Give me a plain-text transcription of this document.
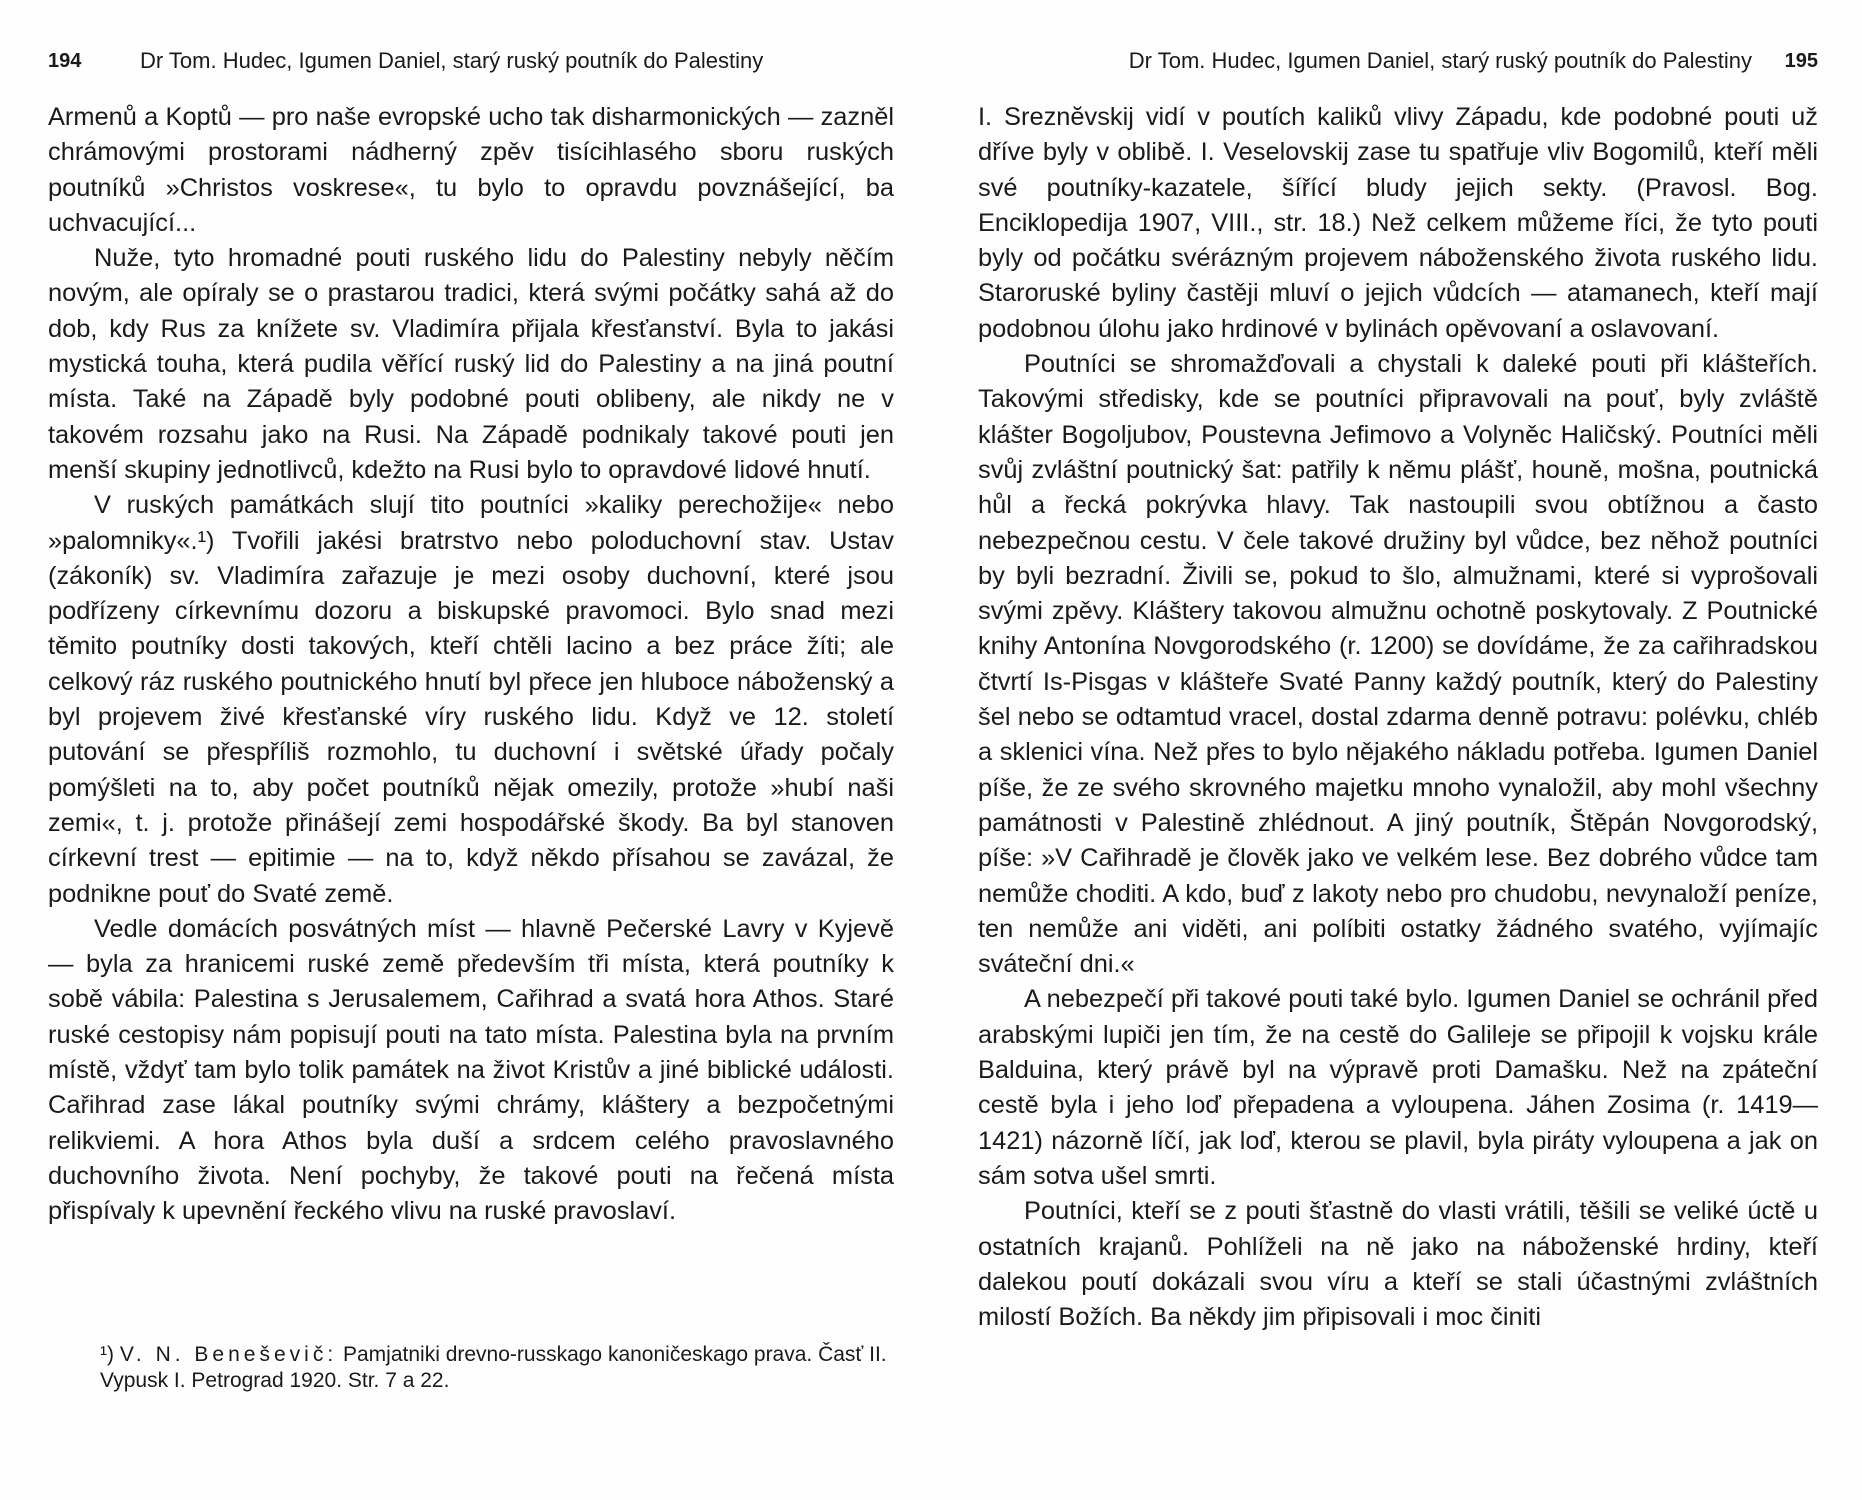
194	Dr Tom. Hudec, Igumen Daniel, starý ruský poutník do Palestiny

Armenů a Koptů — pro naše evropské ucho tak disharmonických — zazněl chrámovými prostorami nádherný zpěv tisícihlasého sboru ruských poutníků »Christos voskrese«, tu bylo to opravdu povznášející, ba uchvacující...

Nuže, tyto hromadné pouti ruského lidu do Palestiny nebyly něčím novým, ale opíraly se o prastarou tradici, která svými počátky sahá až do dob, kdy Rus za knížete sv. Vladimíra přijala křesťanství. Byla to jakási mystická touha, která pudila věřící ruský lid do Palestiny a na jiná poutní místa. Také na Západě byly podobné pouti oblibeny, ale nikdy ne v takovém rozsahu jako na Rusi. Na Západě podnikaly takové pouti jen menší skupiny jednotlivců, kdežto na Rusi bylo to opravdové lidové hnutí.

V ruských památkách slují tito poutníci »kaliky perechožije« nebo »palomniky«.¹) Tvořili jakési bratrstvo nebo poloduchovní stav. Ustav (zákoník) sv. Vladimíra zařazuje je mezi osoby duchovní, které jsou podřízeny církevnímu dozoru a biskupské pravomoci. Bylo snad mezi těmito poutníky dosti takových, kteří chtěli lacino a bez práce žíti; ale celkový ráz ruského poutnického hnutí byl přece jen hluboce náboženský a byl projevem živé křesťanské víry ruského lidu. Když ve 12. století putování se přespříliš rozmohlo, tu duchovní i světské úřady počaly pomýšleti na to, aby počet poutníků nějak omezily, protože »hubí naši zemi«, t. j. protože přinášejí zemi hospodářské škody. Ba byl stanoven církevní trest — epitimie — na to, když někdo přísahou se zavázal, že podnikne pouť do Svaté země.

Vedle domácích posvátných míst — hlavně Pečerské Lavry v Kyjevě — byla za hranicemi ruské země především tři místa, která poutníky k sobě vábila: Palestina s Jerusalemem, Cařihrad a svatá hora Athos. Staré ruské cestopisy nám popisují pouti na tato místa. Palestina byla na prvním místě, vždyť tam bylo tolik památek na život Kristův a jiné biblické události. Cařihrad zase lákal poutníky svými chrámy, kláštery a bezpočetnými relikviemi. A hora Athos byla duší a srdcem celého pravoslavného duchovního života. Není pochyby, že takové pouti na řečená místa přispívaly k upevnění řeckého vlivu na ruské pravoslaví.

¹) V. N. Beneševič: Pamjatniki drevno-russkago kanoničeskago prava. Časť II. Vypusk I. Petrograd 1920. Str. 7 a 22.
Dr Tom. Hudec, Igumen Daniel, starý ruský poutník do Palestiny 195

I. Sreznĕvskij vidí v poutích kaliků vlivy Západu, kde podobné pouti už dříve byly v oblibě. I. Veselovskij zase tu spatřuje vliv Bogomilů, kteří měli své poutníky-kazatele, šířící bludy jejich sekty. (Pravosl. Bog. Enciklopedija 1907, VIII., str. 18.) Než celkem můžeme říci, že tyto pouti byly od počátku svérázným projevem náboženského života ruského lidu. Staroruské byliny častěji mluví o jejich vůdcích — atamanech, kteří mají podobnou úlohu jako hrdinové v bylinách opěvovaní a oslavovaní.

Poutníci se shromažďovali a chystali k daleké pouti při klášteřích. Takovými středisky, kde se poutníci připravovali na pouť, byly zvláště klášter Bogoljubov, Poustevna Jefimovo a Volyněc Haličský. Poutníci měli svůj zvláštní poutnický šat: patřily k němu plášť, houně, mošna, poutnická hůl a řecká pokrývka hlavy. Tak nastoupili svou obtížnou a často nebezpečnou cestu. V čele takové družiny byl vůdce, bez něhož poutníci by byli bezradní. Živili se, pokud to šlo, almužnami, které si vyprošovali svými zpěvy. Kláštery takovou almužnu ochotně poskytovaly. Z Poutnické knihy Antonína Novgorodského (r. 1200) se dovídáme, že za cařihradskou čtvrtí Is-Pisgas v klášteře Svaté Panny každý poutník, který do Palestiny šel nebo se odtamtud vracel, dostal zdarma denně potravu: polévku, chléb a sklenici vína. Než přes to bylo nějakého nákladu potřeba. Igumen Daniel píše, že ze svého skrovného majetku mnoho vynaložil, aby mohl všechny památnosti v Palestině zhlédnout. A jiný poutník, Štěpán Novgorodský, píše: »V Cařihradě je člověk jako ve velkém lese. Bez dobrého vůdce tam nemůže choditi. A kdo, buď z lakoty nebo pro chudobu, nevynaloží peníze, ten nemůže ani viděti, ani políbiti ostatky žádného svatého, vyjímajíc sváteční dni.«

A nebezpečí při takové pouti také bylo. Igumen Daniel se ochránil před arabskými lupiči jen tím, že na cestě do Galileje se připojil k vojsku krále Balduina, který právě byl na výpravě proti Damašku. Než na zpáteční cestě byla i jeho loď přepadena a vyloupena. Jáhen Zosima (r. 1419—1421) názorně líčí, jak loď, kterou se plavil, byla piráty vyloupena a jak on sám sotva ušel smrti.

Poutníci, kteří se z pouti šťastně do vlasti vrátili, těšili se veliké úctě u ostatních krajanů. Pohlíželi na ně jako na náboženské hrdiny, kteří dalekou poutí dokázali svou víru a kteří se stali účastnými zvláštních milostí Božích. Ba někdy jim připisovali i moc činiti
